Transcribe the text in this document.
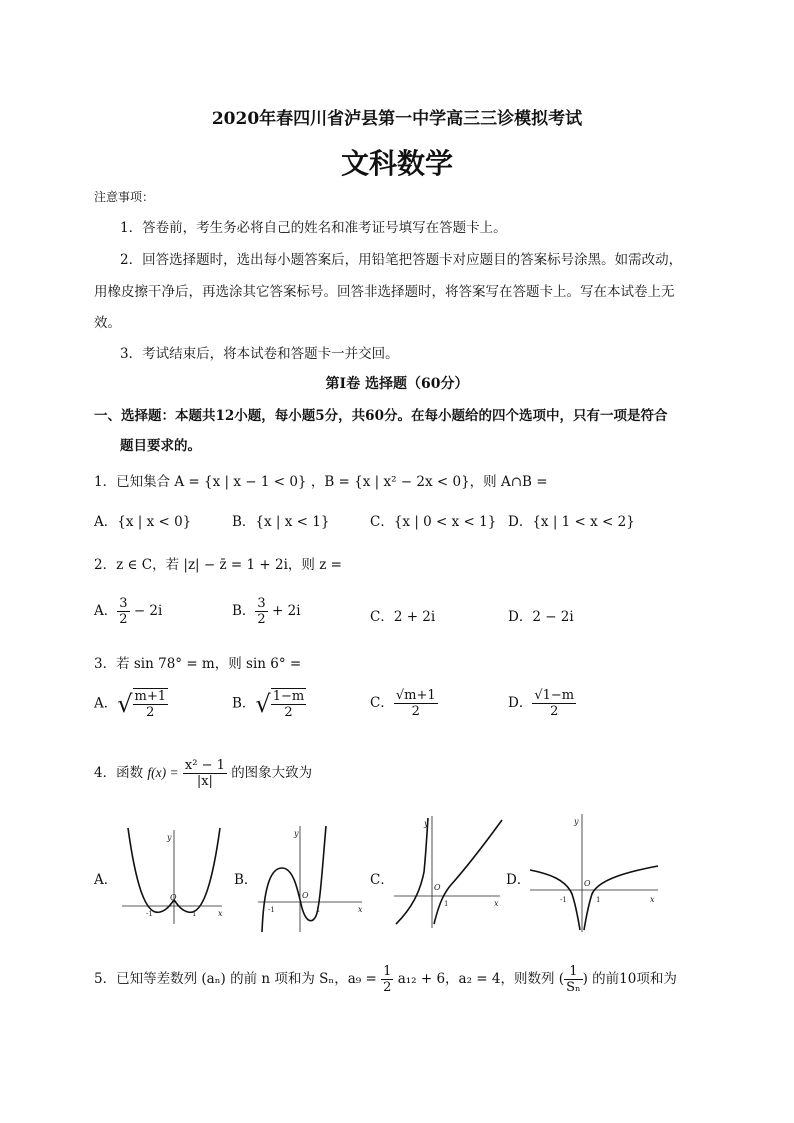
2020年春四川省泸县第一中学高三三诊模拟考试
文科数学
注意事项：
1．答卷前，考生务必将自己的姓名和准考证号填写在答题卡上。
2．回答选择题时，选出每小题答案后，用铅笔把答题卡对应题目的答案标号涂黑。如需改动，
用橡皮擦干净后，再选涂其它答案标号。回答非选择题时，将答案写在答题卡上。写在本试卷上无
效。
3．考试结束后，将本试卷和答题卡一并交回。
第Ⅰ卷 选择题（60分）
一、选择题：本题共12小题，每小题5分，共60分。在每小题给的四个选项中，只有一项是符合
题目要求的。
1．已知集合 A = {x | x − 1 < 0} ，B = {x | x² − 2x < 0}，则 A∩B =
A．{x | x < 0}	B．{x | x < 1}	C．{x | 0 < x < 1} D．{x | 1 < x < 2}
2．z ∈ C，若 |z| − z̄ = 1 + 2i，则 z =
A． $\frac{3}{2} - 2i$	B． $\frac{3}{2} + 2i$	C．2 + 2i	D．2 − 2i
3．若 sin 78° = m，则 sin 6° =
A．√ $\frac{m+1}{2}$	B．√ $\frac{1-m}{2}$	C． $\frac{√m+1}{2}$	D． $\frac{√1-m}{2}$
4．函数 $f(x) = \frac{\text{x² − 1}}{|x|}$ 的图象大致为
A．	B．	C．	D．
y
O
-1	1	x
y
O
-1	1	x
y
O
1	x
y
O
-1	1	x
5．已知等差数列 (aₙ) 的前 n 项和为 Sₙ，$a_9 = \frac{1}{2} a_{12} + 6$，a₂ = 4，则数列 ( $\frac{1}{\text{Sₙ}}$ ) 的前10项和为
